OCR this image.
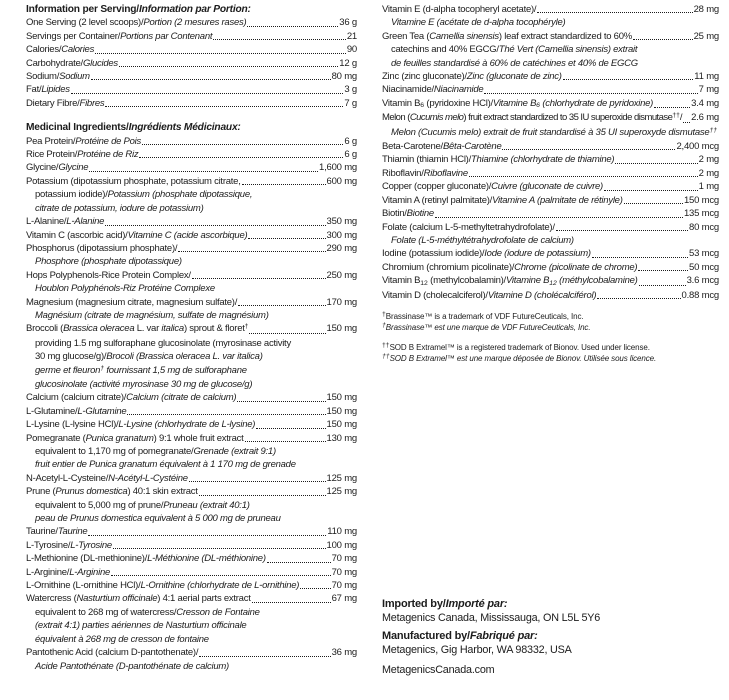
Information per Serving/Information par Portion:
One Serving (2 level scoops)/Portion (2 mesures rases)	36 g
Servings per Container/Portions par Contenant	21
Calories/Calories	90
Carbohydrate/Glucides	12 g
Sodium/Sodium	80 mg
Fat/Lipides	3 g
Dietary Fibre/Fibres	7 g
Medicinal Ingredients/Ingrédients Médicinaux:
Pea Protein/Protéine de Pois	6 g
Rice Protein/Protéine de Riz	6 g
Glycine/Glycine	1,600 mg
Potassium (dipotassium phosphate, potassium citrate,	600 mg
potassium iodide)/Potassium (phosphate dipotassique,
citrate de potassium, iodure de potassium)
L-Alanine/L-Alanine	350 mg
Vitamin C (ascorbic acid)/Vitamine C (acide ascorbique)	300 mg
Phosphorus (dipotassium phosphate)/	290 mg
Phosphore (phosphate dipotassique)
Hops Polyphenols-Rice Protein Complex/	250 mg
Houblon Polyphénols-Riz Protéine Complexe
Magnesium (magnesium citrate, magnesium sulfate)/	170 mg
Magnésium (citrate de magnésium, sulfate de magnésium)
Broccoli (Brassica oleracea L. var italica) sprout & floret†	150 mg
providing 1.5 mg sulforaphane glucosinolate (myrosinase activity
30 mg glucose/g)/Brocoli (Brassica oleracea L. var italica)
germe et fleuron† fournissant 1,5 mg de sulforaphane
glucosinolate (activité myrosinase 30 mg de glucose/g)
Calcium (calcium citrate)/Calcium (citrate de calcium)	150 mg
L-Glutamine/L-Glutamine	150 mg
L-Lysine (L-lysine HCl)/L-Lysine (chlorhydrate de L-lysine)	150 mg
Pomegranate (Punica granatum) 9:1 whole fruit extract	130 mg
equivalent to 1,170 mg of pomegranate/Grenade (extrait 9:1)
fruit entier de Punica granatum équivalent à 1 170 mg de grenade
N-Acetyl-L-Cysteine/N-Acétyl-L-Cystéine	125 mg
Prune (Prunus domestica) 40:1 skin extract	125 mg
equivalent to 5,000 mg of prune/Pruneau (extrait 40:1)
peau de Prunus domestica equivalent à 5 000 mg de pruneau
Taurine/Taurine	110 mg
L-Tyrosine/L-Tyrosine	100 mg
L-Methionine (DL-methionine)/L-Méthionine (DL-méthionine)	70 mg
L-Arginine/L-Arginine	70 mg
L-Ornithine (L-ornithine HCl)/L-Ornithine (chlorhydrate de L-ornithine)	70 mg
Watercress (Nasturtium officinale) 4:1 aerial parts extract	67 mg
equivalent to 268 mg of watercress/Cresson de Fontaine
(extrait 4:1) parties aériennes de Nasturtium officinale
équivalent à 268 mg de cresson de fontaine
Pantothenic Acid (calcium D-pantothenate)/	36 mg
Acide Pantothénate (D-pantothénate de calcium)
Vitamin E (d-alpha tocopheryl acetate)/	28 mg
Vitamine E (acétate de d-alpha tocophéryle)
Green Tea (Camellia sinensis) leaf extract standardized to 60%	25 mg
catechins and 40% EGCG/Thé Vert (Camellia sinensis) extrait
de feuilles standardisé à 60% de catéchines et 40% de EGCG
Zinc (zinc gluconate)/Zinc (gluconate de zinc)	11 mg
Niacinamide/Niacinamide	7 mg
Vitamin B6 (pyridoxine HCl)/Vitamine B6 (chlorhydrate de pyridoxine)	3.4 mg
Melon (Cucumis melo) fruit extract standardized to 35 IU superoxide dismutase††/ 2.6 mg
Melon (Cucumis melo) extrait de fruit standardisé à 35 UI superoxyde dismutase††
Beta-Carotene/Bêta-Carotène	2,400 mcg
Thiamin (thiamin HCl)/Thiamine (chlorhydrate de thiamine)	2 mg
Riboflavin/Riboflavine	2 mg
Copper (copper gluconate)/Cuivre (gluconate de cuivre)	1 mg
Vitamin A (retinyl palmitate)/Vitamine A (palmitate de rétinyle)	150 mcg
Biotin/Biotine	135 mcg
Folate (calcium L-5-methyltetrahydrofolate)/	80 mcg
Folate (L-5-méthyltétrahydrofolate de calcium)
Iodine (potassium iodide)/Iode (iodure de potassium)	53 mcg
Chromium (chromium picolinate)/Chrome (picolinate de chrome)	50 mcg
Vitamin B12 (methylcobalamin)/Vitamine B12 (méthylcobalamine)	3.6 mcg
Vitamin D (cholecalciferol)/Vitamine D (cholécalciférol)	0.88 mcg
†Brassinase™ is a trademark of VDF FutureCeuticals, Inc.
†Brassinase™ est une marque de VDF FutureCeuticals, Inc.
††SOD B Extramel™ is a registered trademark of Bionov. Used under license.
††SOD B Extramel™ est une marque déposée de Bionov. Utilisée sous licence.
Imported by/Importé par:
Metagenics Canada, Mississauga, ON L5L 5Y6
Manufactured by/Fabriqué par:
Metagenics, Gig Harbor, WA 98332, USA
MetagenicsCanada.com
